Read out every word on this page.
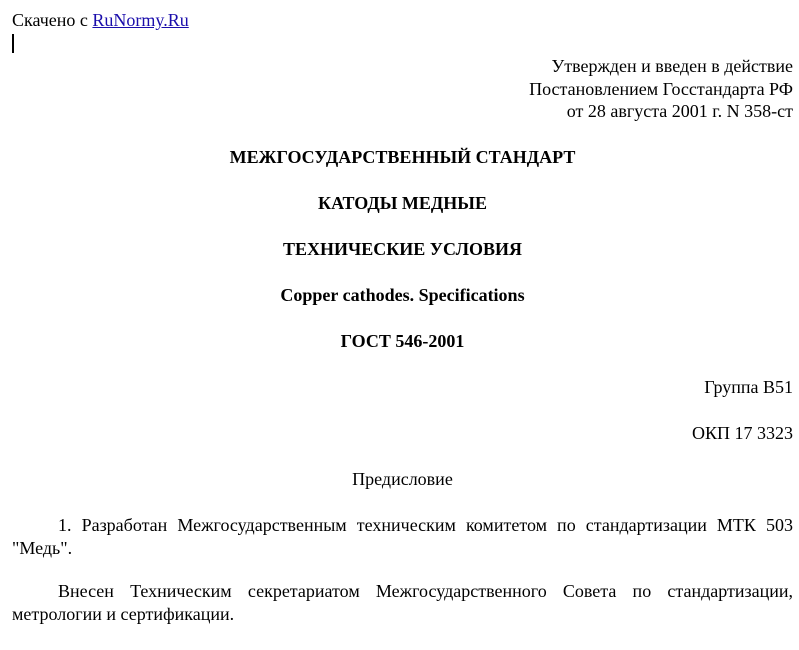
Скачено с RuNormy.Ru
Утвержден и введен в действие
Постановлением Госстандарта РФ
от 28 августа 2001 г. N 358-ст
МЕЖГОСУДАРСТВЕННЫЙ СТАНДАРТ
КАТОДЫ МЕДНЫЕ
ТЕХНИЧЕСКИЕ УСЛОВИЯ
Copper cathodes. Specifications
ГОСТ 546-2001
Группа В51
ОКП 17 3323
Предисловие
1. Разработан Межгосударственным техническим комитетом по стандартизации МТК 503 "Медь".
Внесен Техническим секретариатом Межгосударственного Совета по стандартизации, метрологии и сертификации.
